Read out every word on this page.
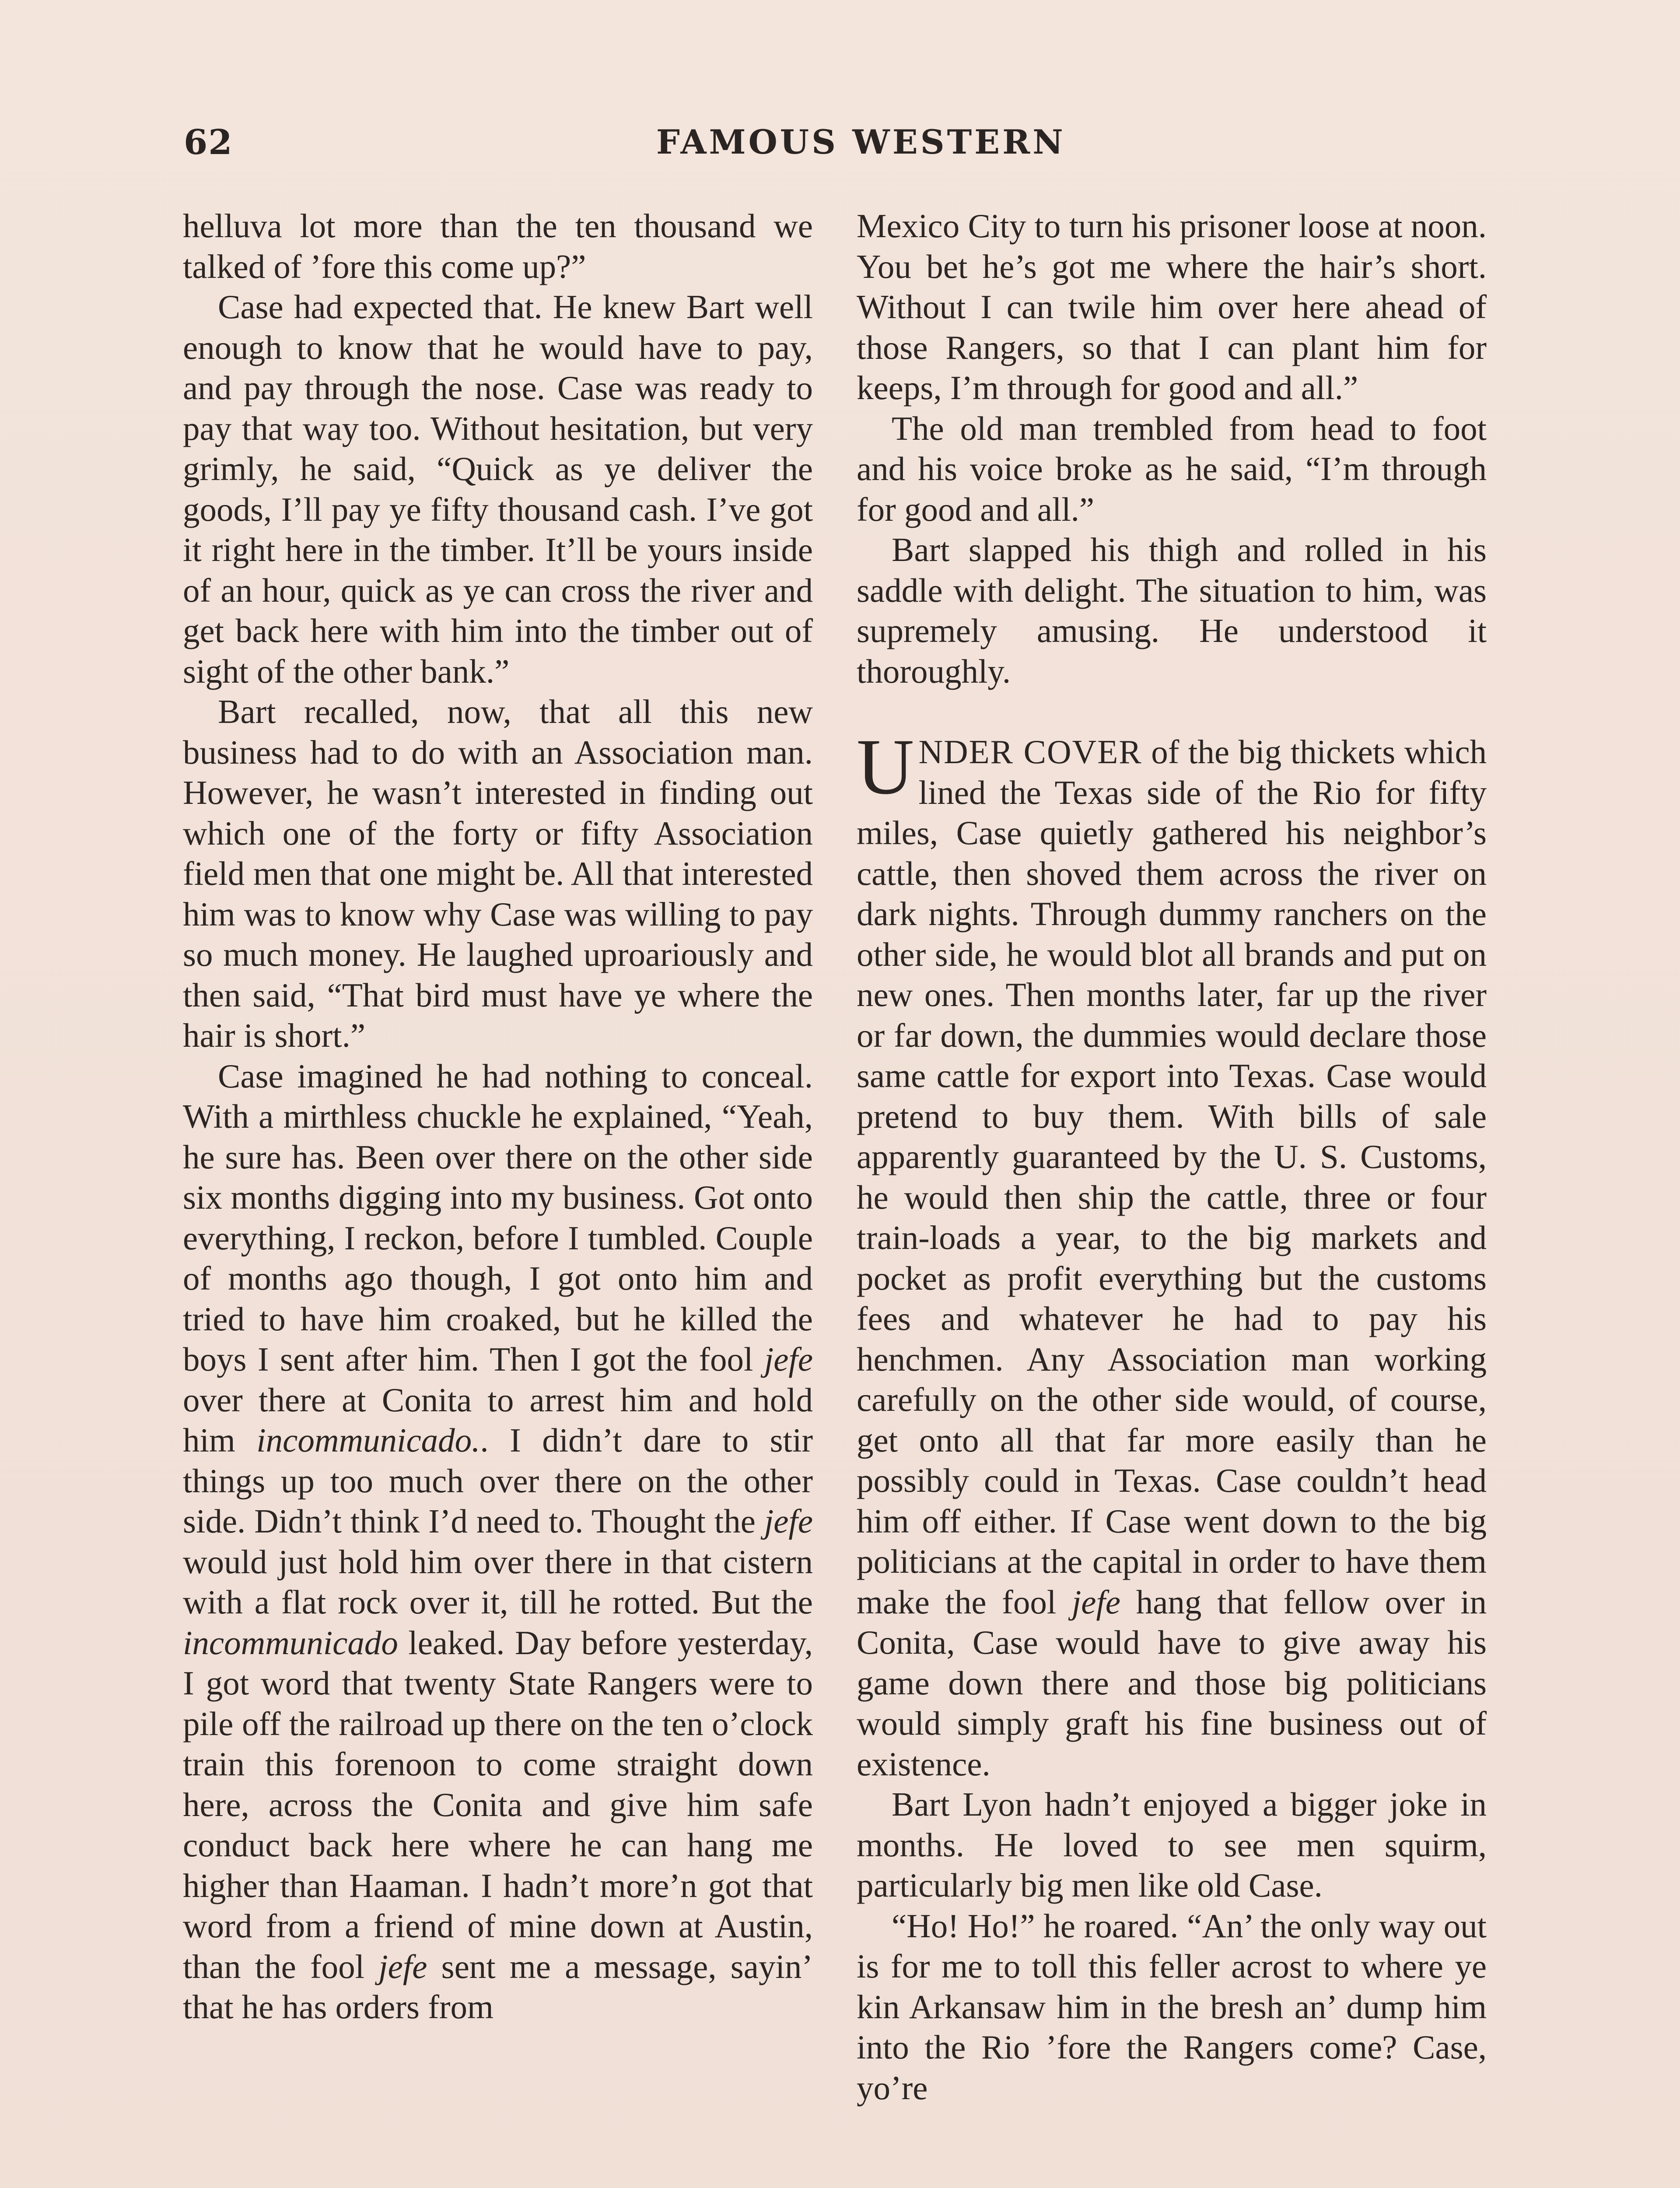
62	FAMOUS WESTERN

helluva lot more than the ten thousand we talked of ’fore this come up?”

Case had expected that. He knew Bart well enough to know that he would have to pay, and pay through the nose. Case was ready to pay that way too. Without hesitation, but very grimly, he said, “Quick as ye deliver the goods, I’ll pay ye fifty thousand cash. I’ve got it right here in the timber. It’ll be yours inside of an hour, quick as ye can cross the river and get back here with him into the timber out of sight of the other bank.”

Bart recalled, now, that all this new business had to do with an Association man. However, he wasn’t interested in finding out which one of the forty or fifty Association field men that one might be. All that interested him was to know why Case was willing to pay so much money. He laughed uproariously and then said, “That bird must have ye where the hair is short.”

Case imagined he had nothing to conceal. With a mirthless chuckle he explained, “Yeah, he sure has. Been over there on the other side six months digging into my business. Got onto everything, I reckon, before I tumbled. Couple of months ago though, I got onto him and tried to have him croaked, but he killed the boys I sent after him. Then I got the fool jefe over there at Conita to arrest him and hold him incommunicado.. I didn’t dare to stir things up too much over there on the other side. Didn’t think I’d need to. Thought the jefe would just hold him over there in that cistern with a flat rock over it, till he rotted. But the incommunicado leaked. Day before yesterday, I got word that twenty State Rangers were to pile off the railroad up there on the ten o’clock train this forenoon to come straight down here, across the Conita and give him safe conduct back here where he can hang me higher than Haaman. I hadn’t more’n got that word from a friend of mine down at Austin, than the fool jefe sent me a message, sayin’ that he has orders from

Mexico City to turn his prisoner loose at noon. You bet he’s got me where the hair’s short. Without I can twile him over here ahead of those Rangers, so that I can plant him for keeps, I’m through for good and all.”

The old man trembled from head to foot and his voice broke as he said, “I’m through for good and all.”

Bart slapped his thigh and rolled in his saddle with delight. The situation to him, was supremely amusing. He understood it thoroughly.

UNDER COVER of the big thickets which lined the Texas side of the Rio for fifty miles, Case quietly gathered his neighbor’s cattle, then shoved them across the river on dark nights. Through dummy ranchers on the other side, he would blot all brands and put on new ones. Then months later, far up the river or far down, the dummies would declare those same cattle for export into Texas. Case would pretend to buy them. With bills of sale apparently guaranteed by the U. S. Customs, he would then ship the cattle, three or four train-loads a year, to the big markets and pocket as profit everything but the customs fees and whatever he had to pay his henchmen. Any Association man working carefully on the other side would, of course, get onto all that far more easily than he possibly could in Texas. Case couldn’t head him off either. If Case went down to the big politicians at the capital in order to have them make the fool jefe hang that fellow over in Conita, Case would have to give away his game down there and those big politicians would simply graft his fine business out of existence.

Bart Lyon hadn’t enjoyed a bigger joke in months. He loved to see men squirm, particularly big men like old Case.

“Ho! Ho!” he roared. “An’ the only way out is for me to toll this feller acrost to where ye kin Arkansaw him in the bresh an’ dump him into the Rio ’fore the Rangers come? Case, yo’re
